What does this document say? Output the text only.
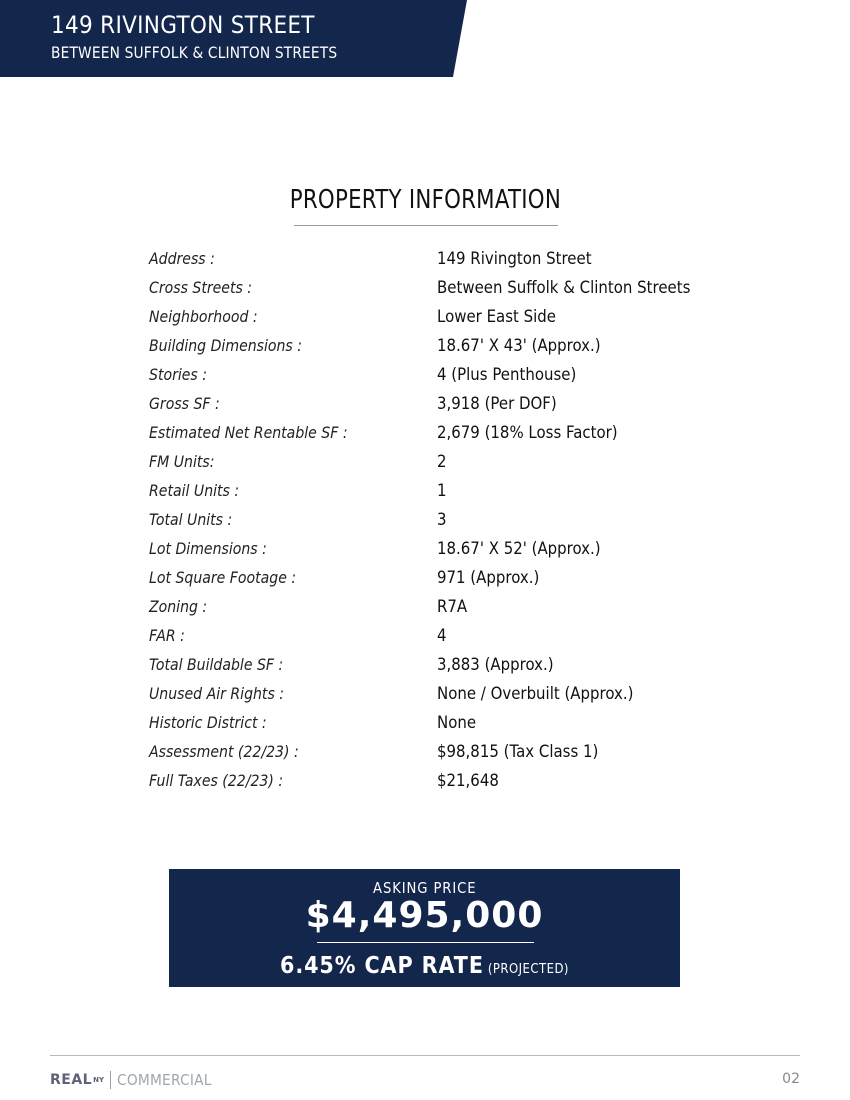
149 RIVINGTON STREET
BETWEEN SUFFOLK & CLINTON STREETS
PROPERTY INFORMATION
Address :	149 Rivington Street
Cross Streets :	Between Suffolk & Clinton Streets
Neighborhood :	Lower East Side
Building Dimensions :	18.67' X 43' (Approx.)
Stories :	4 (Plus Penthouse)
Gross SF :	3,918 (Per DOF)
Estimated Net Rentable SF :	2,679 (18% Loss Factor)
FM Units:	2
Retail Units :	1
Total Units :	3
Lot Dimensions :	18.67' X 52' (Approx.)
Lot Square Footage :	971 (Approx.)
Zoning :	R7A
FAR :	4
Total Buildable SF :	3,883 (Approx.)
Unused Air Rights :	None / Overbuilt (Approx.)
Historic District :	None
Assessment (22/23) :	$98,815 (Tax Class 1)
Full Taxes (22/23) :	$21,648
ASKING PRICE
$4,495,000
6.45% CAP RATE (PROJECTED)
REAL NY COMMERCIAL	02
